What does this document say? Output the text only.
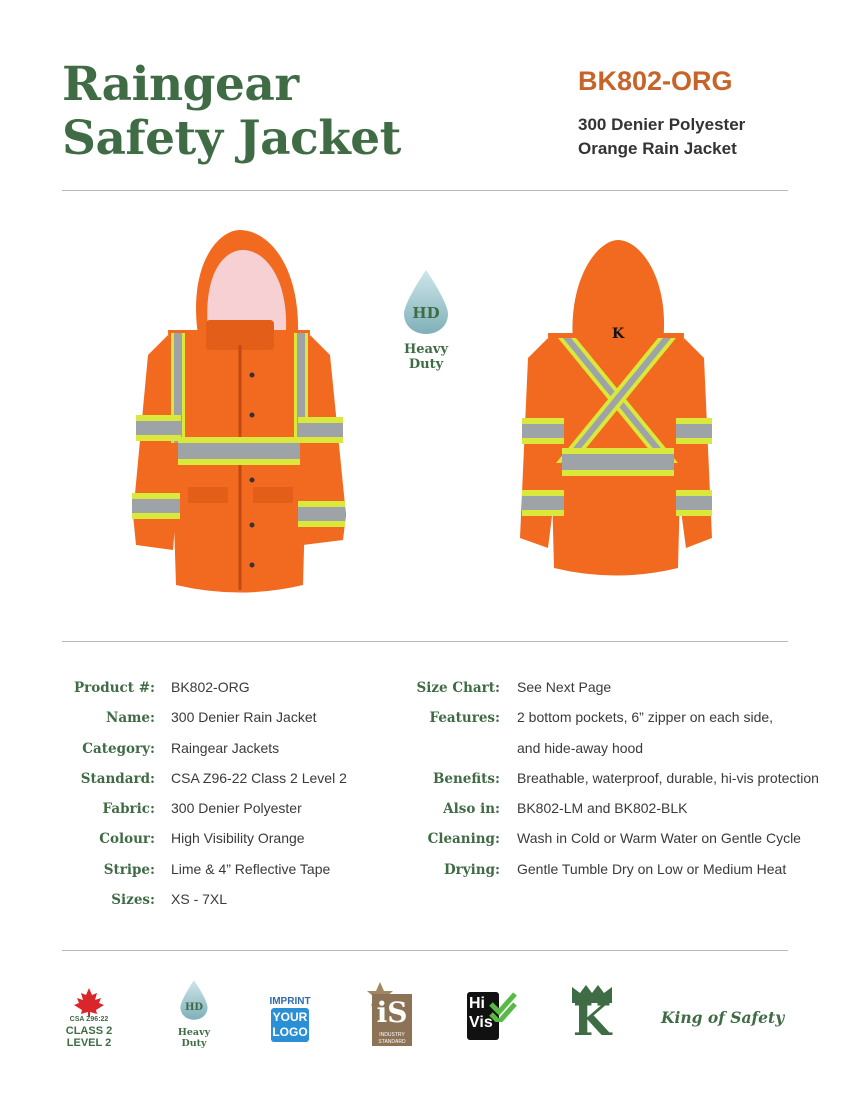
Raingear
Safety Jacket
BK802-ORG
300 Denier Polyester
Orange Rain Jacket
HD
Heavy
Duty
K
Product #: BK802-ORG
Name: 300 Denier Rain Jacket
Category: Raingear Jackets
Standard: CSA Z96-22 Class 2 Level 2
Fabric: 300 Denier Polyester
Colour: High Visibility Orange
Stripe: Lime & 4” Reflective Tape
Sizes: XS - 7XL
Size Chart: See Next Page
Features: 2 bottom pockets, 6” zipper on each side,
and hide-away hood
Benefits: Breathable, waterproof, durable, hi-vis protection
Also in: BK802-LM and BK802-BLK
Cleaning: Wash in Cold or Warm Water on Gentle Cycle
Drying: Gentle Tumble Dry on Low or Medium Heat
CSA Z96:22
CLASS 2
LEVEL 2
HD
Heavy
Duty
IMPRINT
YOUR
LOGO
iS
INDUSTRY
STANDARD
Hi
Vis K	King of Safety
